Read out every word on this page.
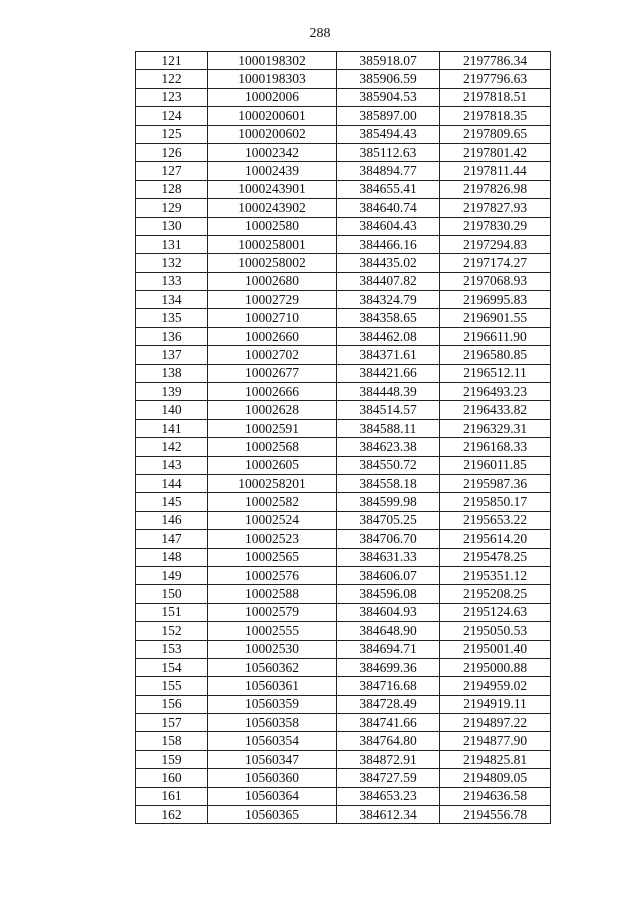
288
121	1000198302	385918.07	2197786.34
122	1000198303	385906.59	2197796.63
123	10002006	385904.53	2197818.51
124	1000200601	385897.00	2197818.35
125	1000200602	385494.43	2197809.65
126	10002342	385112.63	2197801.42
127	10002439	384894.77	2197811.44
128	1000243901	384655.41	2197826.98
129	1000243902	384640.74	2197827.93
130	10002580	384604.43	2197830.29
131	1000258001	384466.16	2197294.83
132	1000258002	384435.02	2197174.27
133	10002680	384407.82	2197068.93
134	10002729	384324.79	2196995.83
135	10002710	384358.65	2196901.55
136	10002660	384462.08	2196611.90
137	10002702	384371.61	2196580.85
138	10002677	384421.66	2196512.11
139	10002666	384448.39	2196493.23
140	10002628	384514.57	2196433.82
141	10002591	384588.11	2196329.31
142	10002568	384623.38	2196168.33
143	10002605	384550.72	2196011.85
144	1000258201	384558.18	2195987.36
145	10002582	384599.98	2195850.17
146	10002524	384705.25	2195653.22
147	10002523	384706.70	2195614.20
148	10002565	384631.33	2195478.25
149	10002576	384606.07	2195351.12
150	10002588	384596.08	2195208.25
151	10002579	384604.93	2195124.63
152	10002555	384648.90	2195050.53
153	10002530	384694.71	2195001.40
154	10560362	384699.36	2195000.88
155	10560361	384716.68	2194959.02
156	10560359	384728.49	2194919.11
157	10560358	384741.66	2194897.22
158	10560354	384764.80	2194877.90
159	10560347	384872.91	2194825.81
160	10560360	384727.59	2194809.05
161	10560364	384653.23	2194636.58
162	10560365	384612.34	2194556.78
